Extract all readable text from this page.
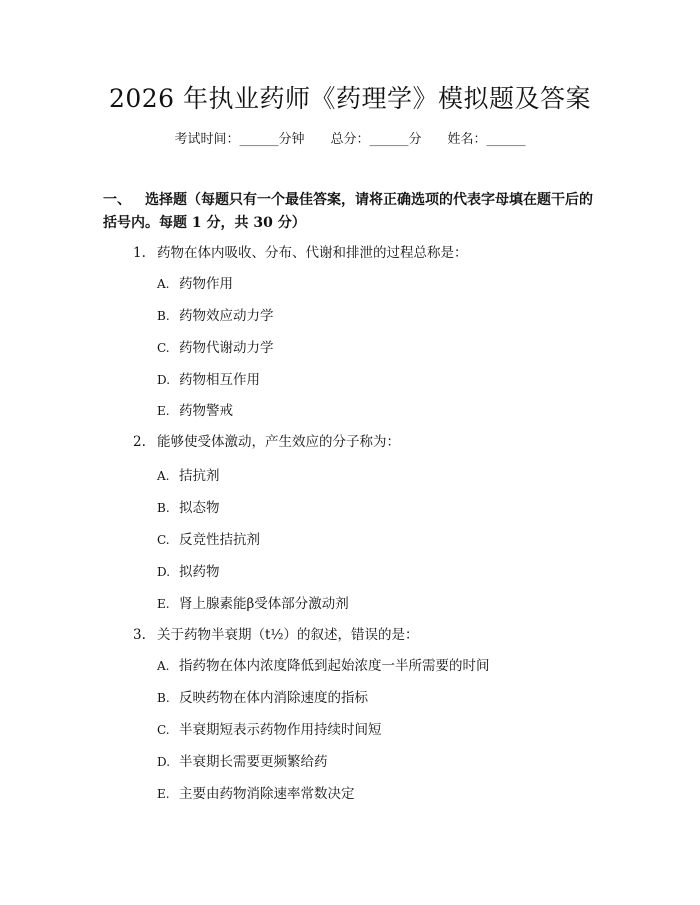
2026 年执业药师《药理学》模拟题及答案
考试时间：______分钟 总分：______分 姓名：______
一、 选择题（每题只有一个最佳答案，请将正确选项的代表字母填在题干后的括号内。每题 1 分，共 30 分）
1. 药物在体内吸收、分布、代谢和排泄的过程总称是：
A. 药物作用
B. 药物效应动力学
C. 药物代谢动力学
D. 药物相互作用
E. 药物警戒
2. 能够使受体激动，产生效应的分子称为：
A. 拮抗剂
B. 拟态物
C. 反竞性拮抗剂
D. 拟药物
E. 肾上腺素能β受体部分激动剂
3. 关于药物半衰期（t½）的叙述，错误的是：
A. 指药物在体内浓度降低到起始浓度一半所需要的时间
B. 反映药物在体内消除速度的指标
C. 半衰期短表示药物作用持续时间短
D. 半衰期长需要更频繁给药
E. 主要由药物消除速率常数决定
